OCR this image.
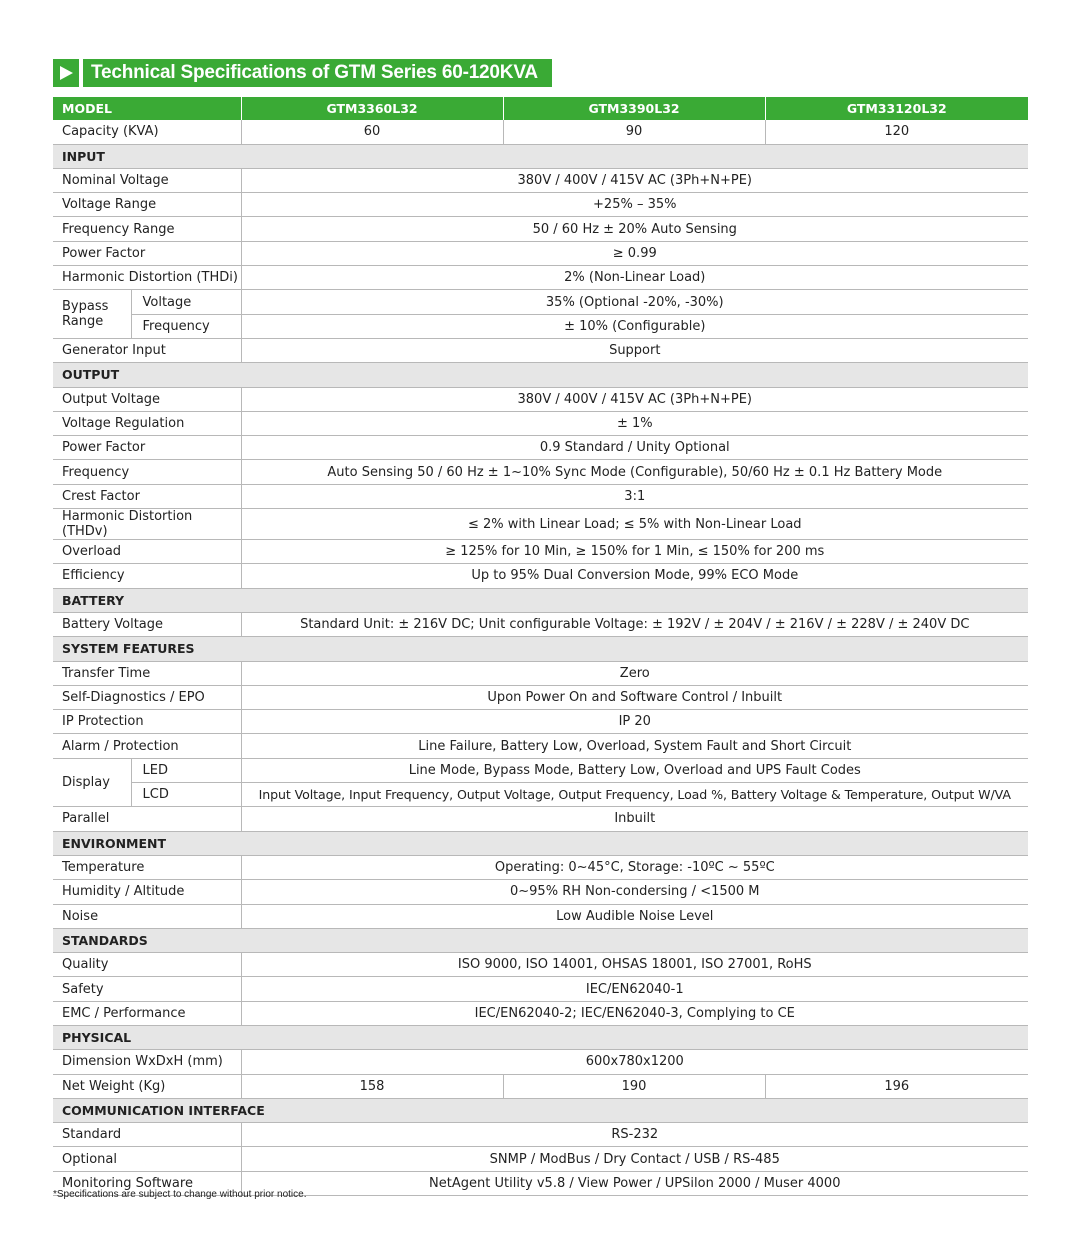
Technical Specifications of GTM Series 60-120KVA
MODEL		GTM3360L32	GTM3390L32	GTM33120L32
Capacity (KVA)		60	90	120
INPUT				
Nominal Voltage		380V / 400V / 415V AC (3Ph+N+PE)		
Voltage Range		+25% – 35%		
Frequency Range		50 / 60 Hz ± 20% Auto Sensing		
Power Factor		≥ 0.99		
Harmonic Distortion (THDi)		2% (Non-Linear Load)		

Bypass
Range	Voltage	35% (Optional -20%, -30%)		
	Frequency	± 10% (Configurable)		
Generator Input		Support		
OUTPUT				
Output Voltage		380V / 400V / 415V AC (3Ph+N+PE)		
Voltage Regulation		± 1%		
Power Factor		0.9 Standard / Unity Optional		
Frequency		Auto Sensing 50 / 60 Hz ± 1~10% Sync Mode (Configurable), 50/60 Hz ± 0.1 Hz Battery Mode		
Crest Factor		3:1		
Harmonic Distortion (THDv)		≤ 2% with Linear Load; ≤ 5% with Non-Linear Load		
Overload		≥ 125% for 10 Min, ≥ 150% for 1 Min, ≤ 150% for 200 ms		
Efficiency		Up to 95% Dual Conversion Mode, 99% ECO Mode		
BATTERY				
Battery Voltage		Standard Unit: ± 216V DC; Unit configurable Voltage: ± 192V / ± 204V / ± 216V / ± 228V / ± 240V DC		
SYSTEM FEATURES				
Transfer Time		Zero		
Self-Diagnostics / EPO		Upon Power On and Software Control / Inbuilt		
IP Protection		IP 20		
Alarm / Protection		Line Failure, Battery Low, Overload, System Fault and Short Circuit		
Display	LED	Line Mode, Bypass Mode, Battery Low, Overload and UPS Fault Codes		
	LCD	Input Voltage, Input Frequency, Output Voltage, Output Frequency, Load %, Battery Voltage & Temperature, Output W/VA		
Parallel		Inbuilt		
ENVIRONMENT				
Temperature		Operating: 0~45°C, Storage: -10ºC ~ 55ºC		
Humidity / Altitude		0~95% RH Non-condersing / <1500 M		
Noise		Low Audible Noise Level		
STANDARDS				
Quality		ISO 9000, ISO 14001, OHSAS 18001, ISO 27001, RoHS		
Safety		IEC/EN62040-1		
EMC / Performance		IEC/EN62040-2; IEC/EN62040-3, Complying to CE		
PHYSICAL				
Dimension WxDxH (mm)		600x780x1200		
Net Weight (Kg)		158	190	196
COMMUNICATION INTERFACE				
Standard		RS-232		
Optional		SNMP / ModBus / Dry Contact / USB / RS-485		
Monitoring Software		NetAgent Utility v5.8 / View Power / UPSilon 2000 / Muser 4000		
*Specifications are subject to change without prior notice.
